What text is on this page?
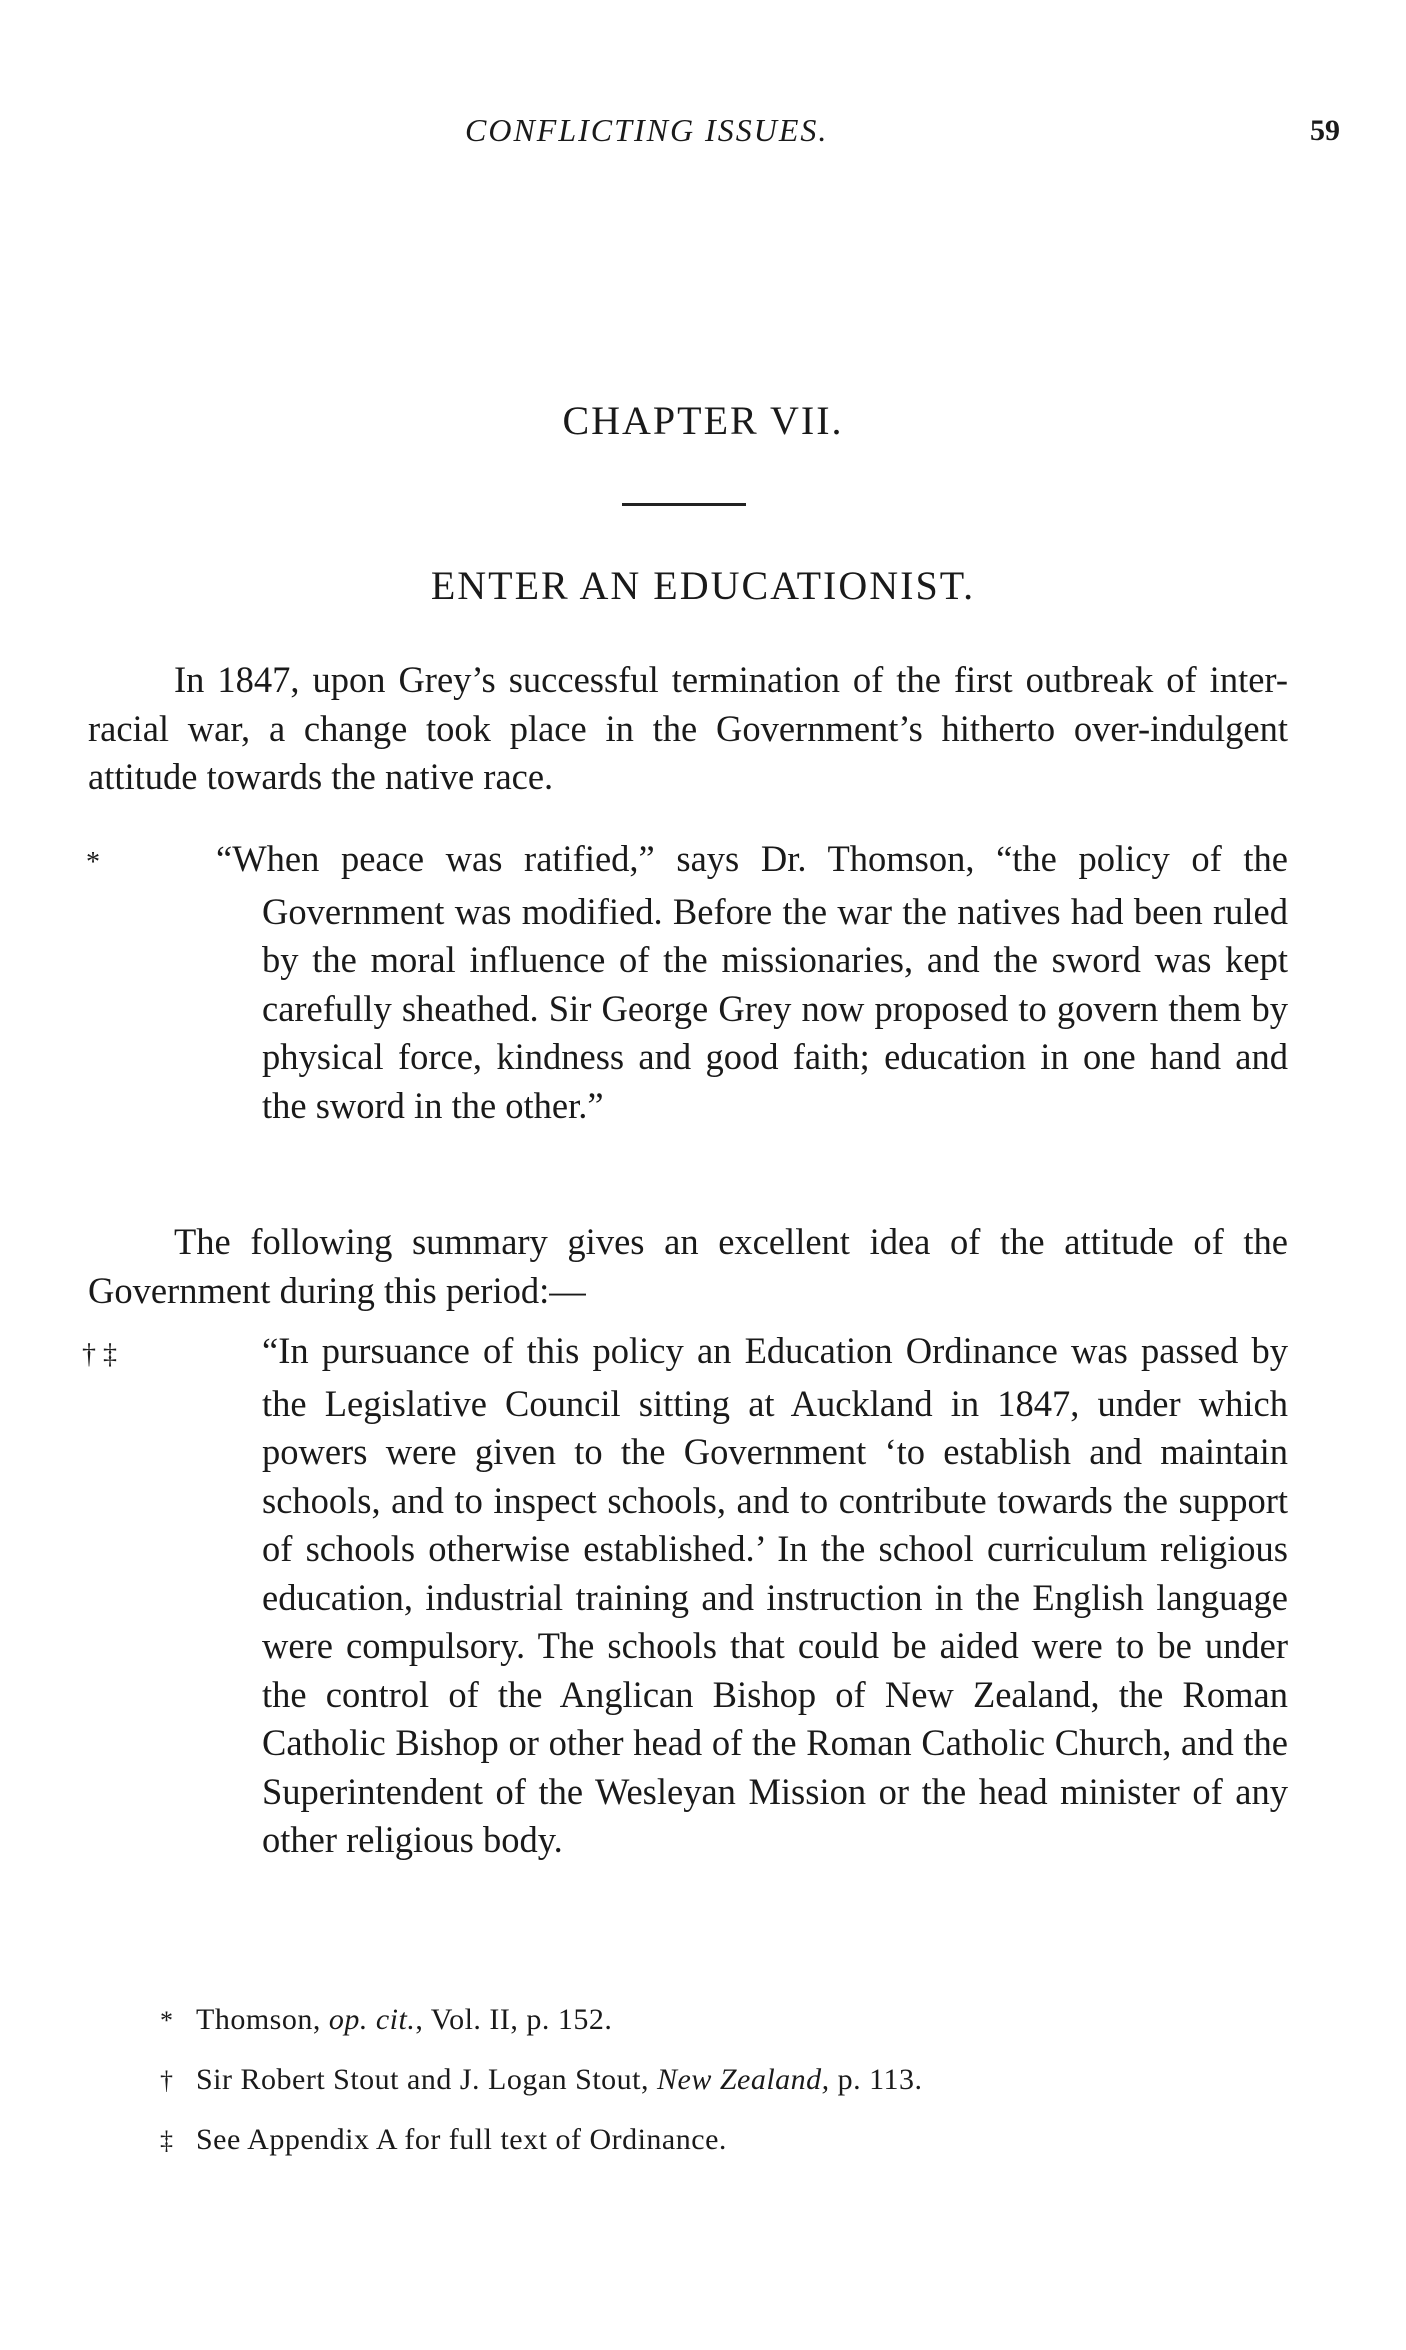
CONFLICTING ISSUES.	59
CHAPTER VII.
ENTER AN EDUCATIONIST.

In 1847, upon Grey’s successful termination of the first outbreak of inter-racial war, a change took place in the Government’s hitherto over-indulgent attitude towards the native race.

*	“When peace was ratified,” says Dr. Thomson, “the policy of the Government was modified. Before the war the natives had been ruled by the moral influence of the missionaries, and the sword was kept carefully sheathed. Sir George Grey now proposed to govern them by physical force, kindness and good faith; education in one hand and the sword in the other.”

The following summary gives an excellent idea of the attitude of the Government during this period:—

† ‡	“In pursuance of this policy an Education Ordinance was passed by the Legislative Council sitting at Auckland in 1847, under which powers were given to the Government ‘to establish and maintain schools, and to inspect schools, and to contribute towards the support of schools otherwise established.’ In the school curriculum religious education, industrial training and instruction in the English language were compulsory. The schools that could be aided were to be under the control of the Anglican Bishop of New Zealand, the Roman Catholic Bishop or other head of the Roman Catholic Church, and the Superintendent of the Wesleyan Mission or the head minister of any other religious body.

* Thomson, op. cit., Vol. II, p. 152.

† Sir Robert Stout and J. Logan Stout, New Zealand, p. 113.

‡ See Appendix A for full text of Ordinance.
